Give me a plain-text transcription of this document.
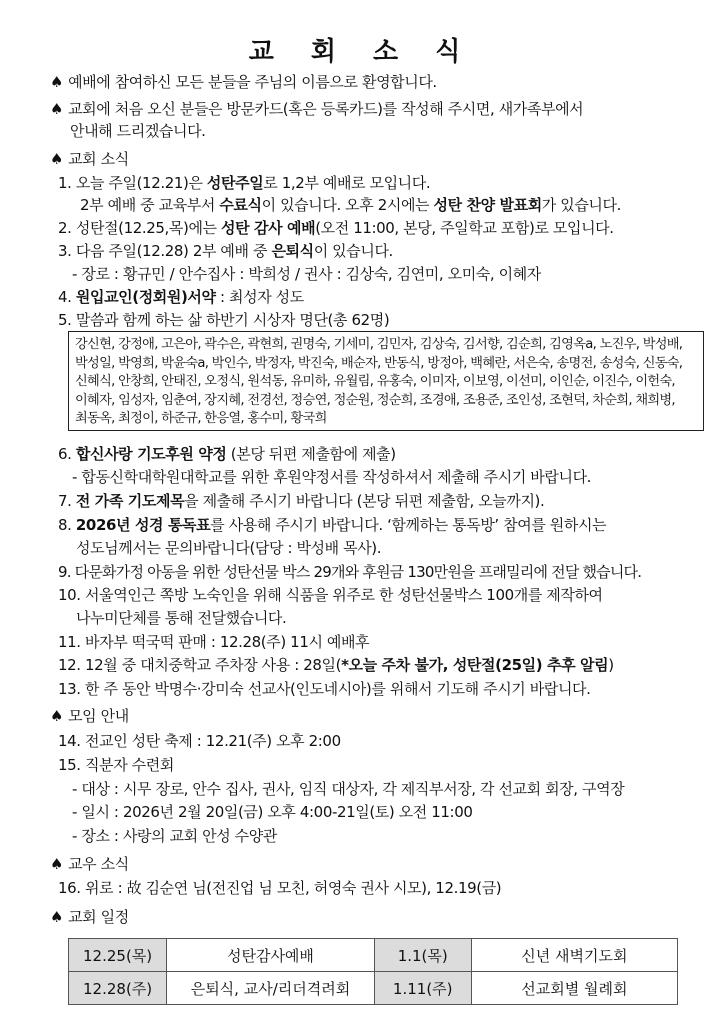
교 회 소 식
♠ 예배에 참여하신 모든 분들을 주님의 이름으로 환영합니다.
♠ 교회에 처음 오신 분들은 방문카드(혹은 등록카드)를 작성해 주시면, 새가족부에서
안내해 드리겠습니다.
♠ 교회 소식
1. 오늘 주일(12.21)은 성탄주일로 1,2부 예배로 모입니다.
2부 예배 중 교육부서 수료식이 있습니다. 오후 2시에는 성탄 찬양 발표회가 있습니다.
2. 성탄절(12.25,목)에는 성탄 감사 예배(오전 11:00, 본당, 주일학교 포함)로 모입니다.
3. 다음 주일(12.28) 2부 예배 중 은퇴식이 있습니다.
- 장로 : 황규민 / 안수집사 : 박희성 / 권사 : 김상숙, 김연미, 오미숙, 이혜자
4. 원입교인(정회원)서약 : 최성자 성도
5. 말씀과 함께 하는 삶 하반기 시상자 명단(총 62명)
강신현, 강정애, 고은아, 곽수은, 곽현희, 권명숙, 기세미, 김민자, 김상숙, 김서향, 김순희, 김영옥a, 노진우, 박성배, 박성일, 박영희, 박윤숙a, 박인수, 박정자, 박진숙, 배순자, 반동식, 방정아, 백혜란, 서은숙, 송명전, 송성숙, 신동숙, 신혜식, 안창희, 안태진, 오정식, 원석동, 유미하, 유월림, 유홍숙, 이미자, 이보영, 이선미, 이인순, 이진수, 이헌숙, 이혜자, 임성자, 임춘여, 장지혜, 전경선, 정승연, 정순원, 정순희, 조경애, 조용준, 조인성, 조현덕, 차순희, 채희병, 최동옥, 최정이, 하준규, 한응열, 홍수미, 황국희
6. 합신사랑 기도후원 약정 (본당 뒤편 제출함에 제출)
- 합동신학대학원대학교를 위한 후원약정서를 작성하셔서 제출해 주시기 바랍니다.
7. 전 가족 기도제목을 제출해 주시기 바랍니다 (본당 뒤편 제출함, 오늘까지).
8. 2026년 성경 통독표를 사용해 주시기 바랍니다. ‘함께하는 통독방’ 참여를 원하시는
성도님께서는 문의바랍니다(담당 : 박성배 목사).
9. 다문화가정 아동을 위한 성탄선물 박스 29개와 후원금 130만원을 프래밀리에 전달 했습니다.
10. 서울역인근 쪽방 노숙인을 위해 식품을 위주로 한 성탄선물박스 100개를 제작하여
나누미단체를 통해 전달했습니다.
11. 바자부 떡국떡 판매 : 12.28(주) 11시 예배후
12. 12월 중 대치중학교 주차장 사용 : 28일(*오늘 주차 불가, 성탄절(25일) 추후 알림)
13. 한 주 동안 박명수·강미숙 선교사(인도네시아)를 위해서 기도해 주시기 바랍니다.
♠ 모임 안내
14. 전교인 성탄 축제 : 12.21(주) 오후 2:00
15. 직분자 수련회
- 대상 : 시무 장로, 안수 집사, 권사, 임직 대상자, 각 제직부서장, 각 선교회 회장, 구역장
- 일시 : 2026년 2월 20일(금) 오후 4:00-21일(토) 오전 11:00
- 장소 : 사랑의 교회 안성 수양관
♠ 교우 소식
16. 위로 : 故 김순연 님(전진업 님 모친, 허영숙 권사 시모), 12.19(금)
♠ 교회 일정
12.25(목)	성탄감사예배	1.1(목)	신년 새벽기도회
12.28(주)	은퇴식, 교사/리더격려회	1.11(주)	선교회별 월례회
